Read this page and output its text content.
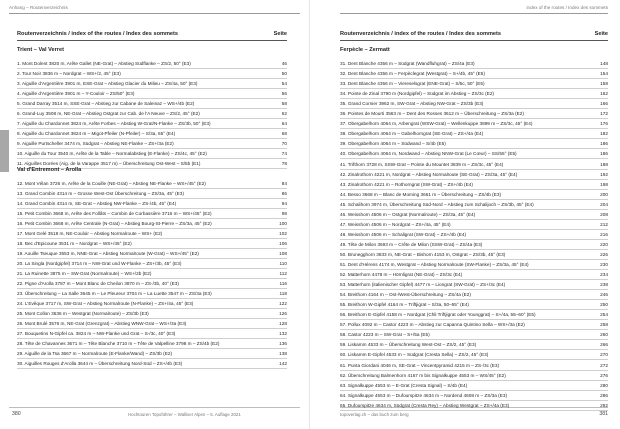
Anhang – Routenverzeichnis
Routenverzeichnis / index of the routes / Index des sommets	Seite
380	Hochtouren Topoführer – Walliser Alpen – 5. Auflage 2021
Trient – Val Verret
1. Mont Dolent 3820 m, Arête Gallet (NE-Grat) – Abstieg Südflanke – ZS/2, 50° (E3)	46
2. Tour Noir 3836 m – Nordgrat – WS+/2, 45° (E3)	50
3. Aiguille d'Argentière 3901 m, ESE-Grat – Abstieg Glacier du Milieu – ZS/4a, 50° (E3)	54
4. Aiguille d'Argentière 3901 m – Y-Couloir – ZS/50° (E3)	56
5. Grand Darray 3514 m, SSE-Grat – Abstieg zur Cabane de Saleinaz – WS+/4b (E2)	58
6. Grand-Luy 3508 m, NE-Grat – Abstieg Ostgrat zur Cab. de l'A Neuve – ZS/2, 45° (E2)	62
7. Aiguille du Chardonnet 3824 m, Arête Forbes – Abstieg W-Grat/N-Flanke – ZS/3b, 50° (E3)	64
8. Aiguille du Chardonnet 3824 m – Migot-Pfeiler (N-Pfeiler) – S/3a, 65° (E4)	68
9. Aiguille Purtscheller 3474 m, Südgrat – Abstieg NE-Flanke – ZS+/3a (E2)	70
10. Aiguille du Tour 3540 m, Arête de la Table – Normalabstieg (E-Flanke) – ZS/4c, 45° (E2)	74
11. Aiguilles Dorées (Aig. de la Varappe 3517 m) – Überschreitung Ost-West – S/5b (E1)	78
Val d'Entremont – Arolla
12. Mont Vélan 3726 m, Arête de la Couille (NE-Grat) – Abstieg NE-Flanke – WS+/45° (E2)	84
13. Grand Combin 4314 m – Grosse West-Ost Überschreitung – ZS/3a, 45° (E3)	86
14. Grand Combin 4314 m, SE-Grat – Abstieg NW-Flanke – ZS-/4b, 45° (E4)	94
15. Petit Combin 3668 m, Arête des Follâts – Combin de Corbassière 3716 m – WS+/45° (E2)	98
16. Petit Combin 3668 m, Arête Centrale (N-Grat) – Abstieg Bourg-St-Pierre – ZS/3a, 45° (E2)	100
17. Mont Gelé 3518 m, NE-Couloir – Abstieg Normalroute – WS+ (E2)	102
18. Bec d'Epicoune 3531 m – Nordgrat – WS+/45° (E2)	106
19. Aouille Tseuque 3553 m, NNE-Grat – Abstieg Normalroute (W-Grat) – WS+/45° (E2)	108
20. La Singla (Nordgipfel) 3714 m – NW-Grat und W-Flanke – ZS+/3b, 45° (E3)	110
21. La Ruinette 3875 m – SW-Grat (Normalroute) – WS+/2b (E2)	112
22. Pigne d'Arolla 3787 m – Mont Blanc de Cheilon 3870 m – ZS-/3b, 40° (E3)	116
23. Überschreitung – La Salle 3645 m – Le Pleureur 3704 m – La Luette 3547 m – ZS/3a (E3)	118
24. L'Evêque 3717 m, SW-Grat – Abstieg Normalroute (N-Flanke) – ZS+/4a, 45° (E3)	122
25. Mont Collon 3636 m – Westgrat (Normalroute) – ZS/3b (E3)	126
26. Mont Brulé 3576 m, NE-Grat (Grenzgrat) – Abstieg WNW-Grat – WS+/3a (E3)	128
27. Bouquetins N-Gipfel ca. 3824 m – NW-Flanke und Grat – S-/3c, 40° (E3)	132
28. Tête de Chavannes 3671 m – Tête Blanche 3710 m – Tête de Valpelline 3798 m – ZS/4b (E2)	136
29. Aiguille de la Tsa 3667 m – Normalroute (E-Flanke/Wand) – ZS/3b (E2)	138
30. Aiguilles Rouges d'Arolla 3644 m – Überschreitung Nord-Süd – ZS+/4b (E3)	142
index of the routes / Index des sommets
Routenverzeichnis / index of the routes / Index des sommets	Seite
topoverlag.ch – das buch zum berg	381
Ferpècle – Zermatt
31. Dent Blanche 4356 m – Südgrat (Wandfluhgrat) – ZS/4a (E3)	148
32. Dent Blanche 4356 m – Ferpèclegrat (Westgrat) – S+/4b, 45° (E5)	154
33. Dent Blanche 4356 m – Viereselsgrat (ENE-Grat) – S/5c, 50° (E5)	158
34. Pointe de Zinal 3790 m (Nordgipfel) – Südgrat im Abstieg – ZS/3c (E2)	162
35. Grand Cornier 3962 m, SW-Grat – Abstieg NW-Grat – ZS/3b (E3)	166
36. Pointes de Mourti 3563 m – Dent des Rosses 3612 m – Überschreitung – ZS/3a (E2)	172
37. Obergabelhorn 4064 m, Arbengrat (WSW-Grat) – Wellenkuppe 3899 m – ZS/3c, 45° (E4)	176
38. Obergabelhorn 4064 m – Gabelhorngrat (SE-Grat) – ZS+/4a (E4)	182
39. Obergabelhorn 4064 m – Südwand – S/4b (E5)	186
40. Obergabelhorn 4064 m, Nordwand – Abstieg NNW-Grat (Le Cœur) – SS/55° (E5)	186
41. Trifthorn 3728 m, SSW-Grat – Pointe du Mountet 3839 m – ZS/3c, 45° (E4)	188
42. Zinalrothorn 4221 m, Nordgrat – Abstieg Normalroute (SE-Grat) – ZS/3a, 45° (E4)	192
43. Zinalrothorn 4221 m – Rothorngrat (SW-Grat) – ZS+/4b (E4)	198
44. Besso 3668 m – Blanc de Moming 3661 m – Überschreitung – ZS/4b (E3)	200
45. Schalihorn 3974 m, Überschreitung Süd-Nord – Abstieg zum Schalijoch – ZS/3b, 45° (E4)	204
46. Weisshorn 4506 m – Ostgrat (Normalroute) – ZS/3a, 45° (E4)	208
47. Weisshorn 4506 m – Nordgrat – ZS+/4a, 45° (E4)	212
48. Weisshorn 4506 m – Schaligrat (SW-Grat) – ZS+/4b (E4)	216
49. Tête de Milon 3693 m – Crête de Milon (SSW-Grat) – ZS/4a (E3)	220
50. Brunegghorn 3833 m, NE-Grat – Bishorn 4153 m, Ostgrat – ZS/3b, 45° (E3)	226
51. Dent d'Hérens 4174 m, Westgrat – Abstieg Normalroute (SW-Flanke) – ZS/3a, 45° (E4)	230
52. Matterhorn 4478 m – Hörnligrat (NE-Grat) – ZS/3c (E4)	234
53. Matterhorn (italienischer Gipfel) 4477 m – Liongrat (SW-Grat) – ZS+/3c (E4)	238
54. Breithorn 4164 m – Ost-/West-Überschreitung – ZS/4a (E2)	246
55. Breithorn W-Gipfel 4164 m – Triftjigrat – S/3a, 50–55° (E4)	250
56. Breithorn E-Gipfel 4158 m – Nordgrat (Chli Triftjigrat oder Younggrat) – S+/4a, 55–60° (E5)	254
57. Pollux 4092 m – Castor 4223 m – Abstieg zur Capanna Quintino Sella – WS+/3a (E2)	258
58. Castor 4223 m – SW-Grat – S+/5a (E5)	260
59. Liskamm 4533 m – Überschreitung West-Ost – ZS/2, 45° (E3)	266
60. Liskamm E-Gipfel 4533 m – Südgrat (Cresta Sella) – ZS/2, 45° (E3)	270
61. Punta Giordani 4046 m, SE-Grat – Vincentpyramid 4215 m – ZS-/3c (E3)	272
62. Überschreitung Balmenhorn 4167 m bis Signalkuppe 4553 m – WS/45° (E2)	276
63. Signalkuppe 4553 m – E-Grat (Cresta Signal) – S/4b (E4)	280
64. Signalkuppe 4553 m – Dufourspitze 4634 m – Nordend 4608 m – ZS/3a (E3)	286
65. Dufourspitze 4634 m, Südgrat (Cresta Rey) – Abstieg Westgrat – ZS+/4a (E3)	292
